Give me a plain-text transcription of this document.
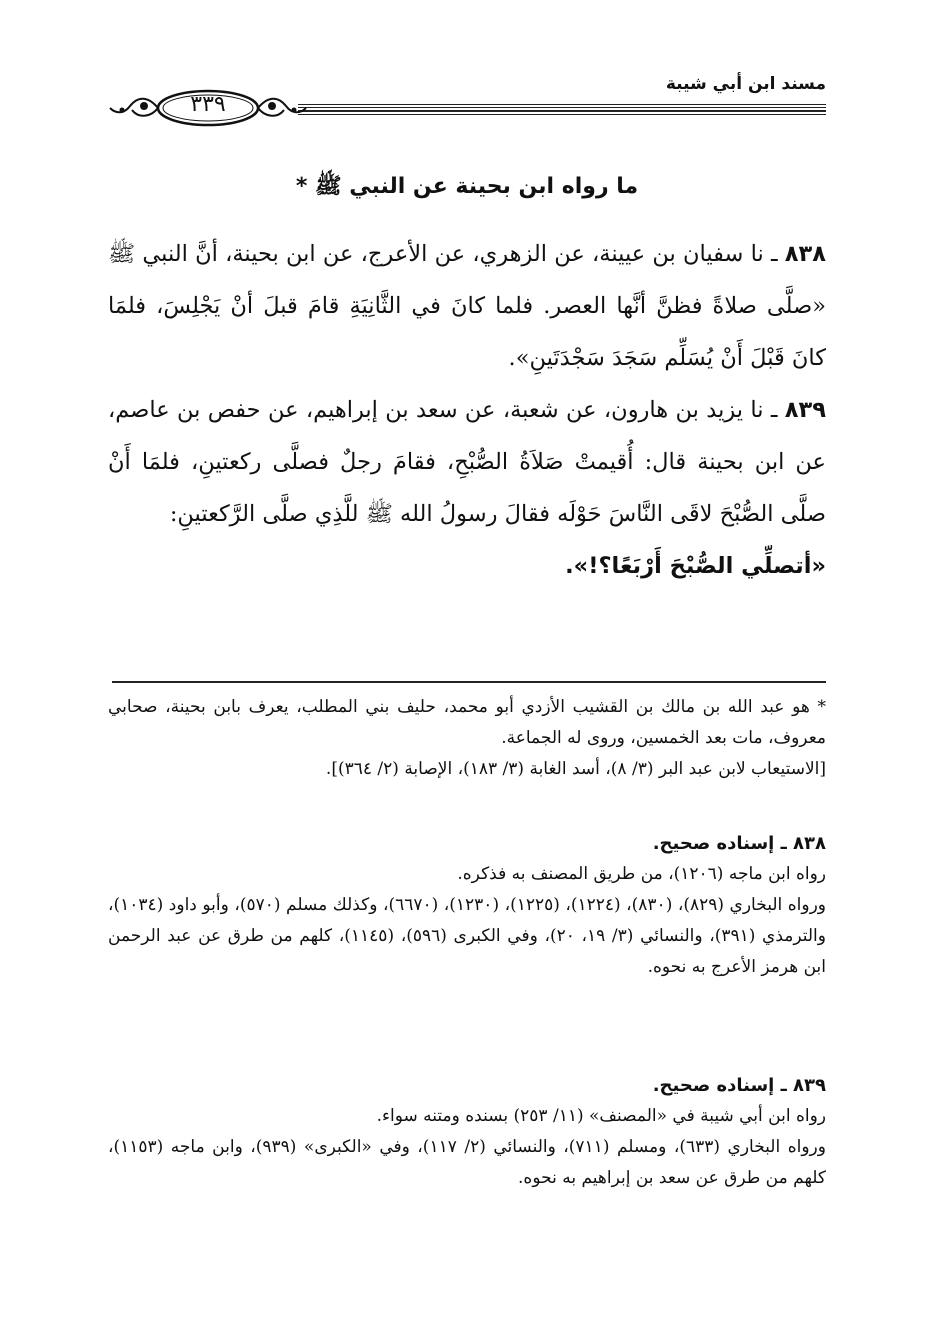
مسند ابن أبي شيبة
٣٣٩
ما رواه ابن بحينة عن النبي ﷺ *

٨٣٨ ـ نا سفيان بن عيينة، عن الزهري، عن الأعرج، عن ابن بحينة، أنَّ النبي ﷺ «صلَّى صلاةً فظنَّ أنَّها العصر. فلما كانَ في الثَّانِيَةِ قامَ قبلَ أنْ يَجْلِسَ، فلمَا كانَ قَبْلَ أَنْ يُسَلِّم سَجَدَ سَجْدَتَينِ».

٨٣٩ ـ نا يزيد بن هارون، عن شعبة، عن سعد بن إبراهيم، عن حفص بن عاصم، عن ابن بحينة قال: أُقيمتْ صَلاَةُ الصُّبْحِ، فقامَ رجلٌ فصلَّى ركعتينِ، فلمَا أَنْ صلَّى الصُّبْحَ لاقَى النَّاسَ حَوْلَه فقالَ رسولُ الله ﷺ للَّذِي صلَّى الرَّكعتينِ:

«أتصلِّي الصُّبْحَ أَرْبَعًا؟!».

* هو عبد الله بن مالك بن القشيب الأزدي أبو محمد، حليف بني المطلب، يعرف بابن بحينة، صحابي معروف، مات بعد الخمسين، وروى له الجماعة.

[الاستيعاب لابن عبد البر (٣/ ٨)، أسد الغابة (٣/ ١٨٣)، الإصابة (٢/ ٣٦٤)].

٨٣٨ ـ إسناده صحيح.

رواه ابن ماجه (١٢٠٦)، من طريق المصنف به فذكره.

ورواه البخاري (٨٢٩)، (٨٣٠)، (١٢٢٤)، (١٢٢٥)، (١٢٣٠)، (٦٦٧٠)، وكذلك مسلم (٥٧٠)، وأبو داود (١٠٣٤)، والترمذي (٣٩١)، والنسائي (٣/ ١٩، ٢٠)، وفي الكبرى (٥٩٦)، (١١٤٥)، كلهم من طرق عن عبد الرحمن ابن هرمز الأعرج به نحوه.

٨٣٩ ـ إسناده صحيح.

رواه ابن أبي شيبة في «المصنف» (١١/ ٢٥٣) بسنده ومتنه سواء.

ورواه البخاري (٦٣٣)، ومسلم (٧١١)، والنسائي (٢/ ١١٧)، وفي «الكبرى» (٩٣٩)، وابن ماجه (١١٥٣)، كلهم من طرق عن سعد بن إبراهيم به نحوه.
